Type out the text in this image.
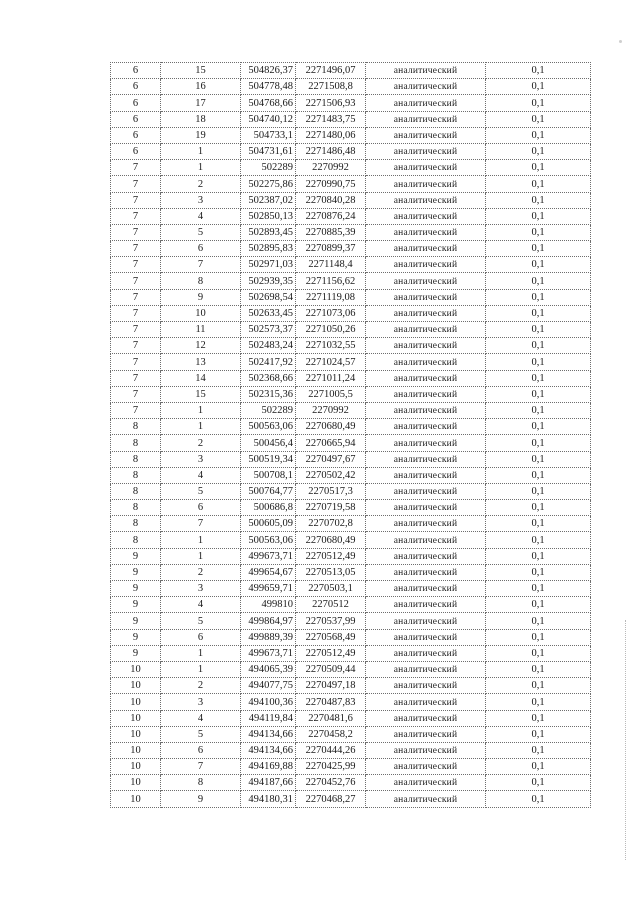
6	15	504826,37	2271496,07	аналитический	0,1
6	16	504778,48	2271508,8	аналитический	0,1
6	17	504768,66	2271506,93	аналитический	0,1
6	18	504740,12	2271483,75	аналитический	0,1
6	19	504733,1	2271480,06	аналитический	0,1
6	1	504731,61	2271486,48	аналитический	0,1
7	1	502289	2270992	аналитический	0,1
7	2	502275,86	2270990,75	аналитический	0,1
7	3	502387,02	2270840,28	аналитический	0,1
7	4	502850,13	2270876,24	аналитический	0,1
7	5	502893,45	2270885,39	аналитический	0,1
7	6	502895,83	2270899,37	аналитический	0,1
7	7	502971,03	2271148,4	аналитический	0,1
7	8	502939,35	2271156,62	аналитический	0,1
7	9	502698,54	2271119,08	аналитический	0,1
7	10	502633,45	2271073,06	аналитический	0,1
7	11	502573,37	2271050,26	аналитический	0,1
7	12	502483,24	2271032,55	аналитический	0,1
7	13	502417,92	2271024,57	аналитический	0,1
7	14	502368,66	2271011,24	аналитический	0,1
7	15	502315,36	2271005,5	аналитический	0,1
7	1	502289	2270992	аналитический	0,1
8	1	500563,06	2270680,49	аналитический	0,1
8	2	500456,4	2270665,94	аналитический	0,1
8	3	500519,34	2270497,67	аналитический	0,1
8	4	500708,1	2270502,42	аналитический	0,1
8	5	500764,77	2270517,3	аналитический	0,1
8	6	500686,8	2270719,58	аналитический	0,1
8	7	500605,09	2270702,8	аналитический	0,1
8	1	500563,06	2270680,49	аналитический	0,1
9	1	499673,71	2270512,49	аналитический	0,1
9	2	499654,67	2270513,05	аналитический	0,1
9	3	499659,71	2270503,1	аналитический	0,1
9	4	499810	2270512	аналитический	0,1
9	5	499864,97	2270537,99	аналитический	0,1
9	6	499889,39	2270568,49	аналитический	0,1
9	1	499673,71	2270512,49	аналитический	0,1
10	1	494065,39	2270509,44	аналитический	0,1
10	2	494077,75	2270497,18	аналитический	0,1
10	3	494100,36	2270487,83	аналитический	0,1
10	4	494119,84	2270481,6	аналитический	0,1
10	5	494134,66	2270458,2	аналитический	0,1
10	6	494134,66	2270444,26	аналитический	0,1
10	7	494169,88	2270425,99	аналитический	0,1
10	8	494187,66	2270452,76	аналитический	0,1
10	9	494180,31	2270468,27	аналитический	0,1
